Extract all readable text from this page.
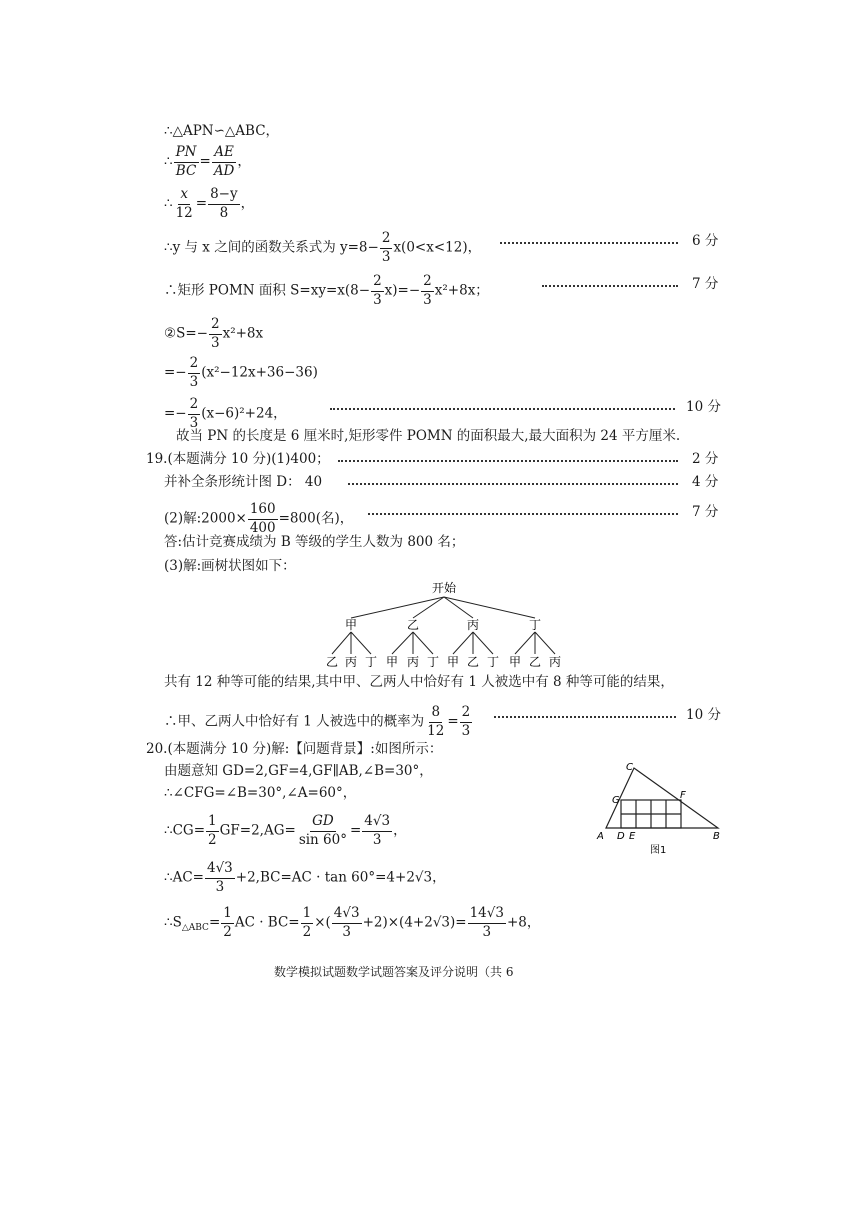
∴△APN∽△ABC，
∴ $\frac{PN}{BC} = \frac{AE}{AD}$ ，
∴ $\frac{x}{12} = \frac{8-y}{8}$ ，
∴y 与 x 之间的函数关系式为 $y=8- \frac{2}{3} x(0<x<12)$，	6 分
∴矩形 POMN 面积 $S=xy=x(8- \frac{2}{3} x)=- \frac{2}{3} x^2+8x$；	7 分
②S=− $\frac{2}{3} x^2+8x$
=− $\frac{2}{3} (x^2-12x+36-36)$
=− $\frac{2}{3} (x-6)^2+24$，	10 分
故当 PN 的长度是 6 厘米时,矩形零件 POMN 的面积最大,最大面积为 24 平方厘米.
19.(本题满分 10 分)(1)400；	2 分
并补全条形统计图 D： 40	4 分
(2)解:2000× $\frac{160}{400} =800$(名)，	7 分
答:估计竞赛成绩为 B 等级的学生人数为 800 名；
(3)解:画树状图如下：
开始
甲	乙	丙	丁
乙 丙 丁 甲 丙 丁 甲 乙 丁 甲 乙 丙
共有 12 种等可能的结果,其中甲、乙两人中恰好有 1 人被选中有 8 种等可能的结果，
∴甲、乙两人中恰好有 1 人被选中的概率为 $\frac{8}{12} = \frac{2}{3}$	10 分
20.(本题满分 10 分)解:【问题背景】:如图所示：
由题意知 GD=2,GF=4,GF∥AB,∠B=30°，
∴∠CFG=∠B=30°,∠A=60°，
∴CG= $\frac{1}{2} GF=2,AG= \frac{GD}{\sin 60^\circ} = \frac{4√3}{3}$ ，
∴AC= $\frac{4√3}{3} +2,BC=AC \cdot \tan 60^\circ=4+2√3$，
$\therefore S_{\triangle ABC}= \frac{1}{2}$ AC · $BC= \frac{1}{2}$ ×( $\frac{4√3}{3} +2)\times(4+2√3)= \frac{14√3}{3} +8$，
C
G	F
A D E	B
图1
数学模拟试题数学试题答案及评分说明（共 6
